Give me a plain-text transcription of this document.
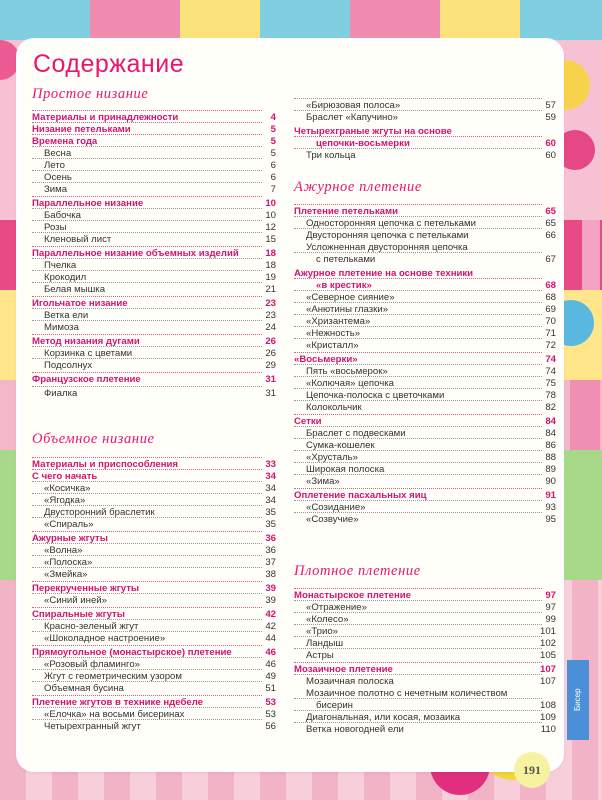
Содержание
Простое низание
Материалы и принадлежности	4
Низание петельками	5
Времена года	5
Весна	5
Лето	6
Осень	6
Зима	7
Параллельное низание	10
Бабочка	10
Розы	12
Кленовый лист	15
Параллельное низание объемных изделий	18
Пчелка	18
Крокодил	19
Белая мышка	21
Игольчатое низание	23
Ветка ели	23
Мимоза	24
Метод низания дугами	26
Корзинка с цветами	26
Подсолнух	29
Французское плетение	31
Фиалка	31
Объемное низание
Материалы и приспособления	33
С чего начать	34
«Косичка»	34
«Ягодка»	34
Двусторонний браслетик	35
«Спираль»	35
Ажурные жгуты	36
«Волна»	36
«Полоска»	37
«Змейка»	38
Перекрученные жгуты	39
«Синий иней»	39
Спиральные жгуты	42
Красно-зеленый жгут	42
«Шоколадное настроение»	44
Прямоугольное (монастырское) плетение	46
«Розовый фламинго»	46
Жгут с геометрическим узором	49
Объемная бусина	51
Плетение жгутов в технике ндебеле	53
«Елочка» на восьми бисеринах	53
Четырехгранный жгут	56
«Бирюзовая полоса»	57
Браслет «Капучино»	59
Четырехграные жгуты на основе
цепочки-восьмерки	60
Три кольца	60
Ажурное плетение
Плетение петельками	65
Односторонняя цепочка с петельками	65
Двусторонняя цепочка с петельками	66
Усложненная двусторонняя цепочка
с петельками	67
Ажурное плетение на основе техники
«в крестик»	68
«Северное сияние»	68
«Анютины глазки»	69
«Хризантема»	70
«Нежность»	71
«Кристалл»	72
«Восьмерки»	74
Пять «восьмерок»	74
«Колючая» цепочка	75
Цепочка-полоска с цветочками	78
Колокольчик	82
Сетки	84
Браслет с подвесками	84
Сумка-кошелек	86
«Хрусталь»	88
Широкая полоска	89
«Зима»	90
Оплетение пасхальных яиц	91
«Созидание»	93
«Созвучие»	95
Плотное плетение
Монастырское плетение	97
«Отражение»	97
«Колесо»	99
«Трио»	101
Ландыш	102
Астры	105
Мозаичное плетение	107
Мозаичная полоска	107
Мозаичное полотно с нечетным количеством
бисерин	108
Диагональная, или косая, мозаика	109
Ветка новогодней ели	110
Бисер
191
